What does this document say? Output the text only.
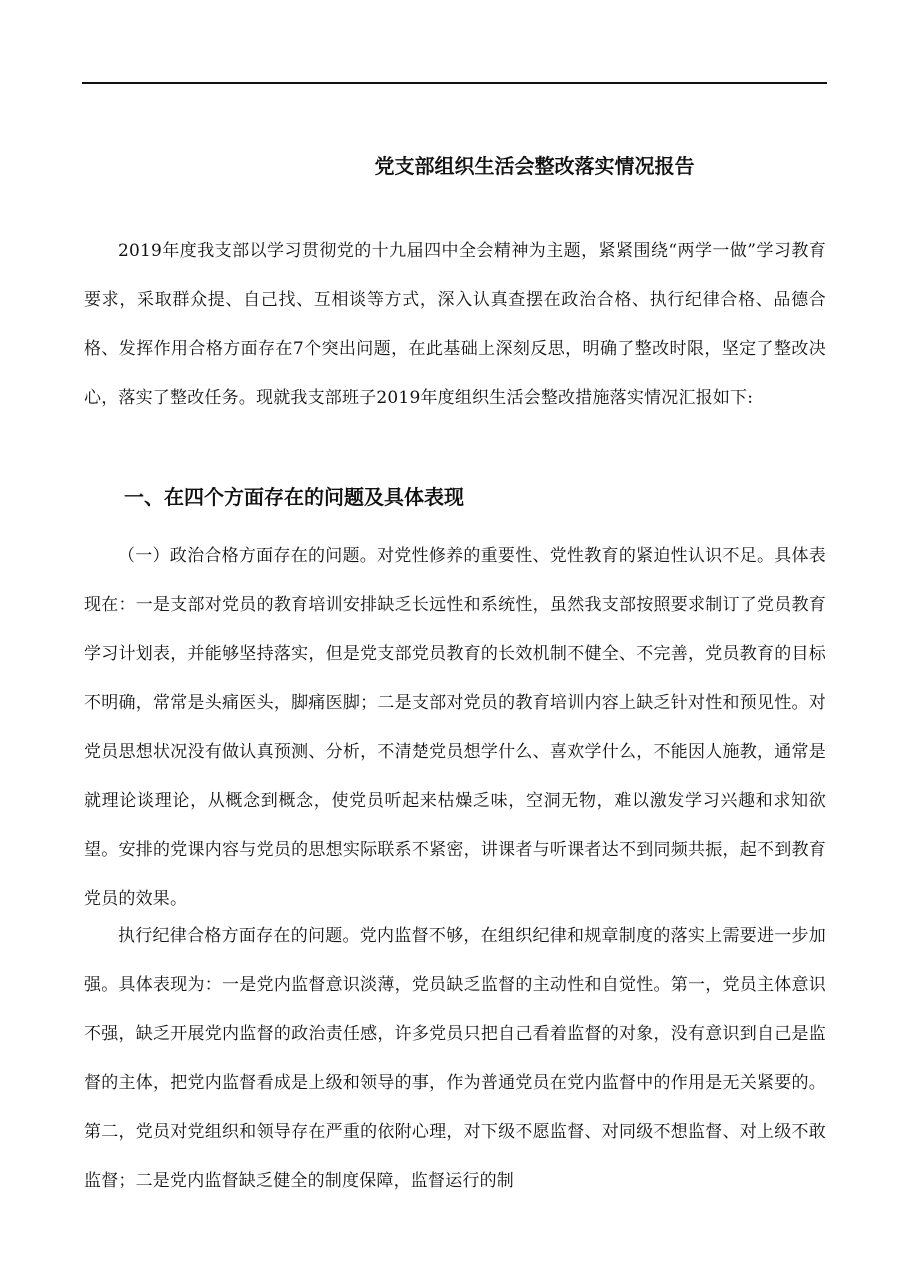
党支部组织生活会整改落实情况报告

2019年度我支部以学习贯彻党的十九届四中全会精神为主题，紧紧围绕“两学一做”学习教育要求，采取群众提、自己找、互相谈等方式，深入认真查摆在政治合格、执行纪律合格、品德合格、发挥作用合格方面存在7个突出问题，在此基础上深刻反思，明确了整改时限，坚定了整改决心，落实了整改任务。现就我支部班子2019年度组织生活会整改措施落实情况汇报如下:

一、在四个方面存在的问题及具体表现

（一）政治合格方面存在的问题。对党性修养的重要性、党性教育的紧迫性认识不足。具体表现在：一是支部对党员的教育培训安排缺乏长远性和系统性，虽然我支部按照要求制订了党员教育学习计划表，并能够坚持落实，但是党支部党员教育的长效机制不健全、不完善，党员教育的目标不明确，常常是头痛医头，脚痛医脚；二是支部对党员的教育培训内容上缺乏针对性和预见性。对党员思想状况没有做认真预测、分析，不清楚党员想学什么、喜欢学什么，不能因人施教，通常是就理论谈理论，从概念到概念，使党员听起来枯燥乏味，空洞无物，难以激发学习兴趣和求知欲望。安排的党课内容与党员的思想实际联系不紧密，讲课者与听课者达不到同频共振，起不到教育党员的效果。

执行纪律合格方面存在的问题。党内监督不够，在组织纪律和规章制度的落实上需要进一步加强。具体表现为：一是党内监督意识淡薄，党员缺乏监督的主动性和自觉性。第一，党员主体意识不强，缺乏开展党内监督的政治责任感，许多党员只把自己看着监督的对象，没有意识到自己是监督的主体，把党内监督看成是上级和领导的事，作为普通党员在党内监督中的作用是无关紧要的。第二，党员对党组织和领导存在严重的依附心理，对下级不愿监督、对同级不想监督、对上级不敢监督；二是党内监督缺乏健全的制度保障，监督运行的制
